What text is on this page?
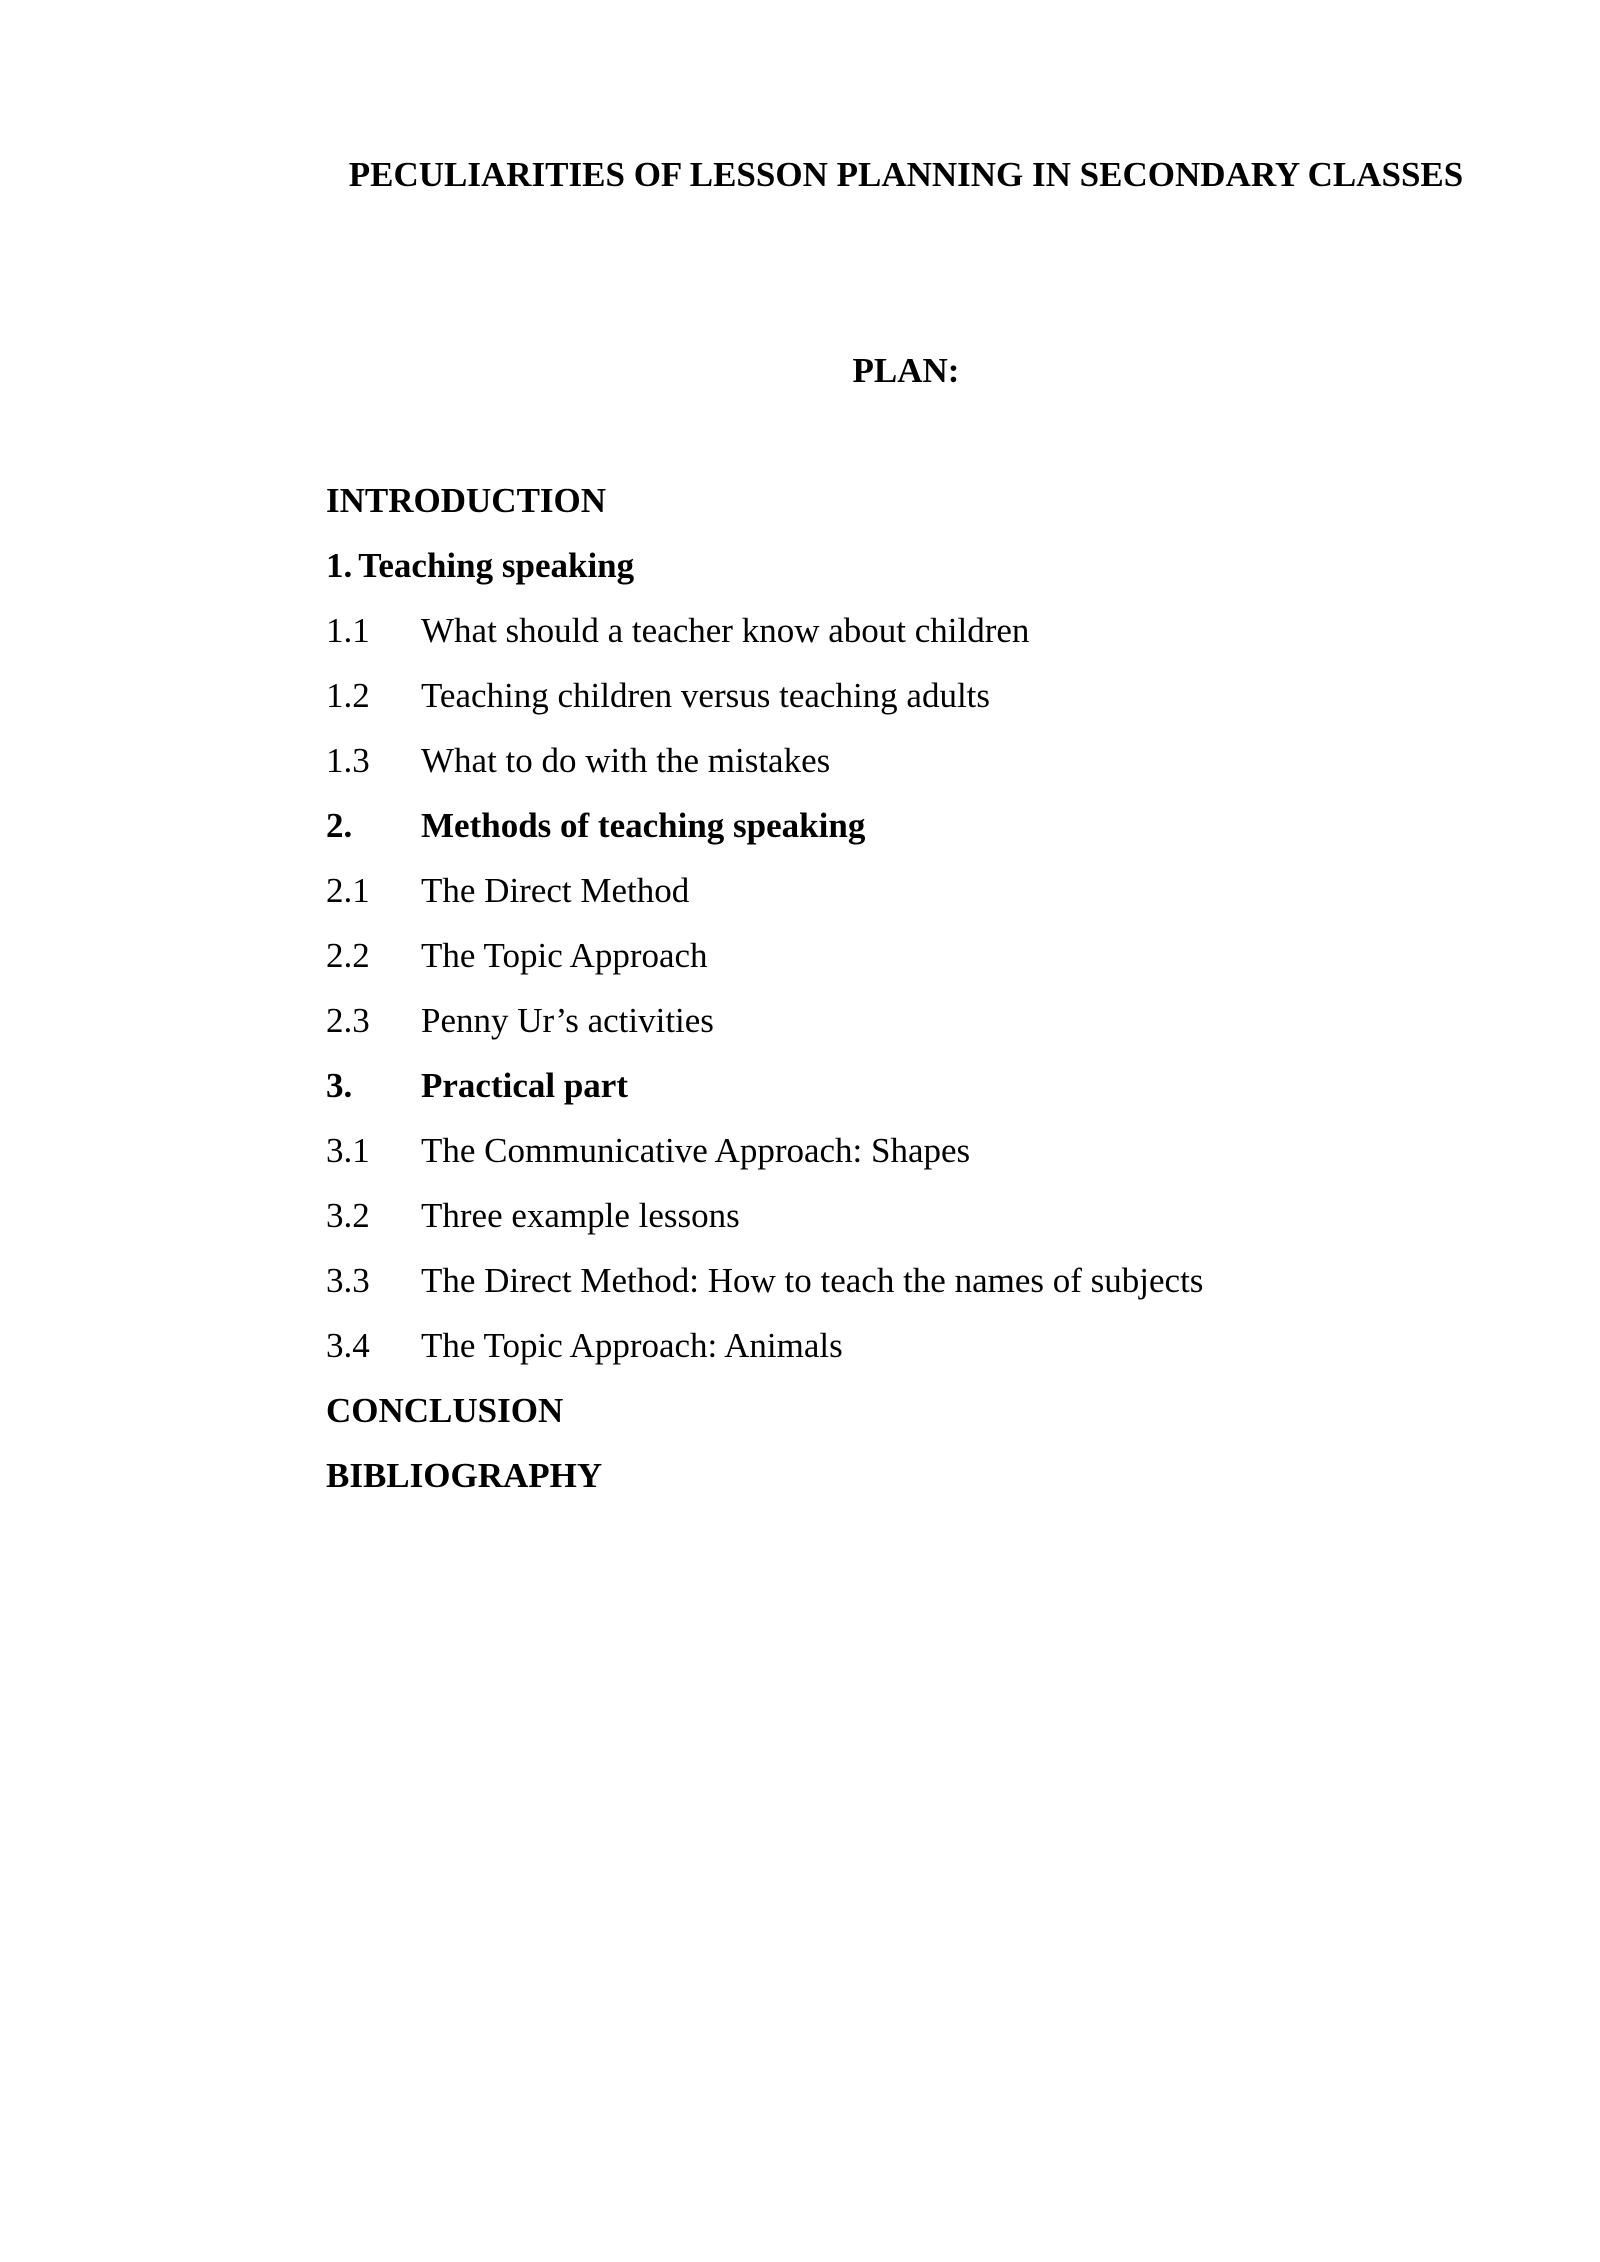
PECULIARITIES OF LESSON PLANNING IN SECONDARY CLASSES
PLAN:
INTRODUCTION
1. Teaching speaking
1.1	What should a teacher know about children
1.2	Teaching children versus teaching adults
1.3	What to do with the mistakes
2.	Methods of teaching speaking
2.1	The Direct Method
2.2	The Topic Approach
2.3	Penny Ur’s activities
3.	Practical part
3.1	The Communicative Approach: Shapes
3.2	Three example lessons
3.3	The Direct Method: How to teach the names of subjects
3.4	The Topic Approach: Animals
CONCLUSION
BIBLIOGRAPHY
